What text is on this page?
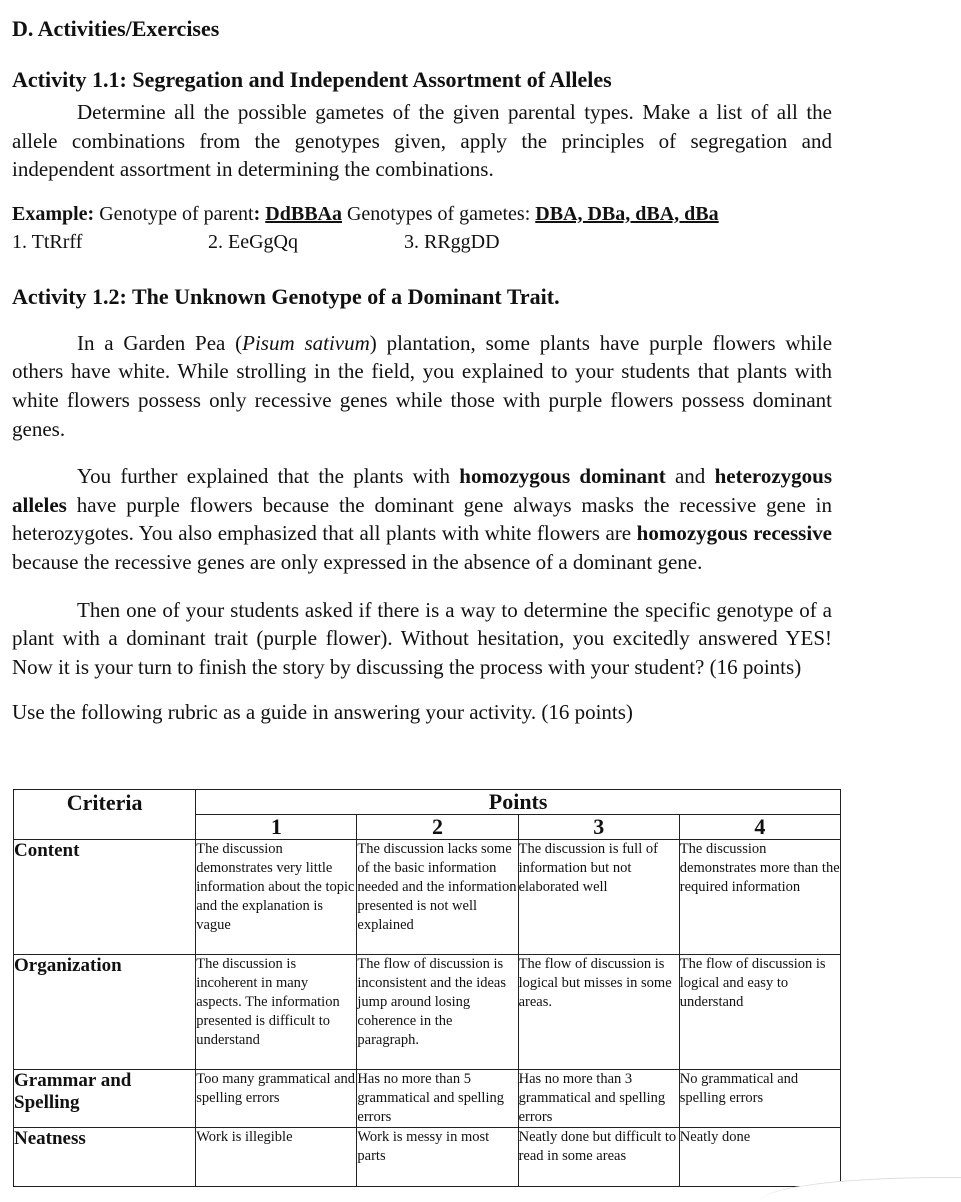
D. Activities/Exercises
Activity 1.1: Segregation and Independent Assortment of Alleles

Determine all the possible gametes of the given parental types. Make a list of all the allele combinations from the genotypes given, apply the principles of segregation and independent assortment in determining the combinations.

Example: Genotype of parent: DdBBAa Genotypes of gametes: DBA, DBa, dBA, dBa
1. TtRrff	2. EeGgQq	3. RRggDD
Activity 1.2: The Unknown Genotype of a Dominant Trait.

In a Garden Pea (Pisum sativum) plantation, some plants have purple flowers while others have white. While strolling in the field, you explained to your students that plants with white flowers possess only recessive genes while those with purple flowers possess dominant genes.

You further explained that the plants with homozygous dominant and heterozygous alleles have purple flowers because the dominant gene always masks the recessive gene in heterozygotes. You also emphasized that all plants with white flowers are homozygous recessive because the recessive genes are only expressed in the absence of a dominant gene.

Then one of your students asked if there is a way to determine the specific genotype of a plant with a dominant trait (purple flower). Without hesitation, you excitedly answered YES! Now it is your turn to finish the story by discussing the process with your student? (16 points)

Use the following rubric as a guide in answering your activity. (16 points)
Criteria	Points			
	1	2	3	4
Content	The discussion demonstrates very little information about the topic and the explanation is vague	The discussion lacks some of the basic information needed and the information presented is not well explained	The discussion is full of information but not elaborated well	The discussion demonstrates more than the required information
Organization	The discussion is incoherent in many aspects. The information presented is difficult to understand	The flow of discussion is inconsistent and the ideas jump around losing coherence in the paragraph.	The flow of discussion is logical but misses in some areas.	The flow of discussion is logical and easy to understand
Grammar and Spelling	Too many grammatical and spelling errors	Has no more than 5 grammatical and spelling errors	Has no more than 3 grammatical and spelling errors	No grammatical and spelling errors
Neatness	Work is illegible	Work is messy in most parts	Neatly done but difficult to read in some areas	Neatly done
